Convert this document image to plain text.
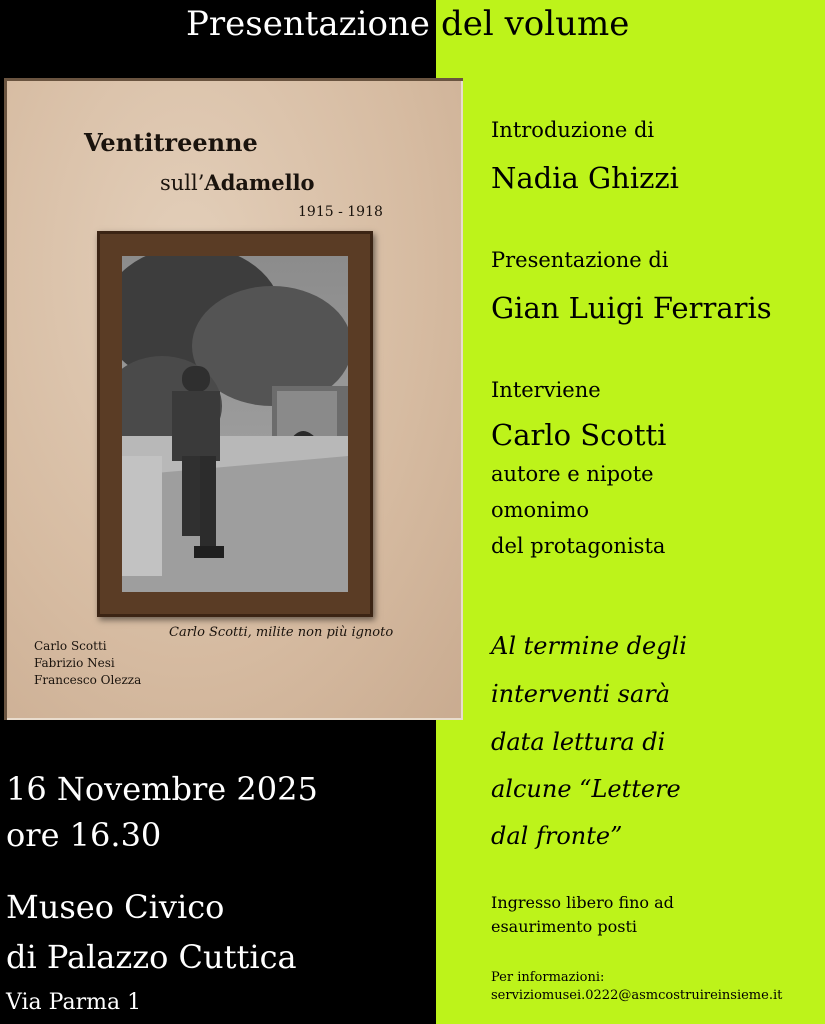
Presentazione del volume
Ventitreenne
sull’Adamello
1915 - 1918
Carlo Scotti, milite non più ignoto
Carlo Scotti
Fabrizio Nesi
Francesco Olezza
16 Novembre 2025
ore 16.30
Museo Civico
di Palazzo Cuttica
Via Parma 1
Introduzione di
Nadia Ghizzi
Presentazione di
Gian Luigi Ferraris
Interviene
Carlo Scotti
autore e nipote
omonimo
del protagonista
Al termine degli
interventi sarà
data lettura di
alcune “Lettere
dal fronte”
Ingresso libero fino ad
esaurimento posti
Per informazioni:
serviziomusei.0222@asmcostruireinsieme.it
